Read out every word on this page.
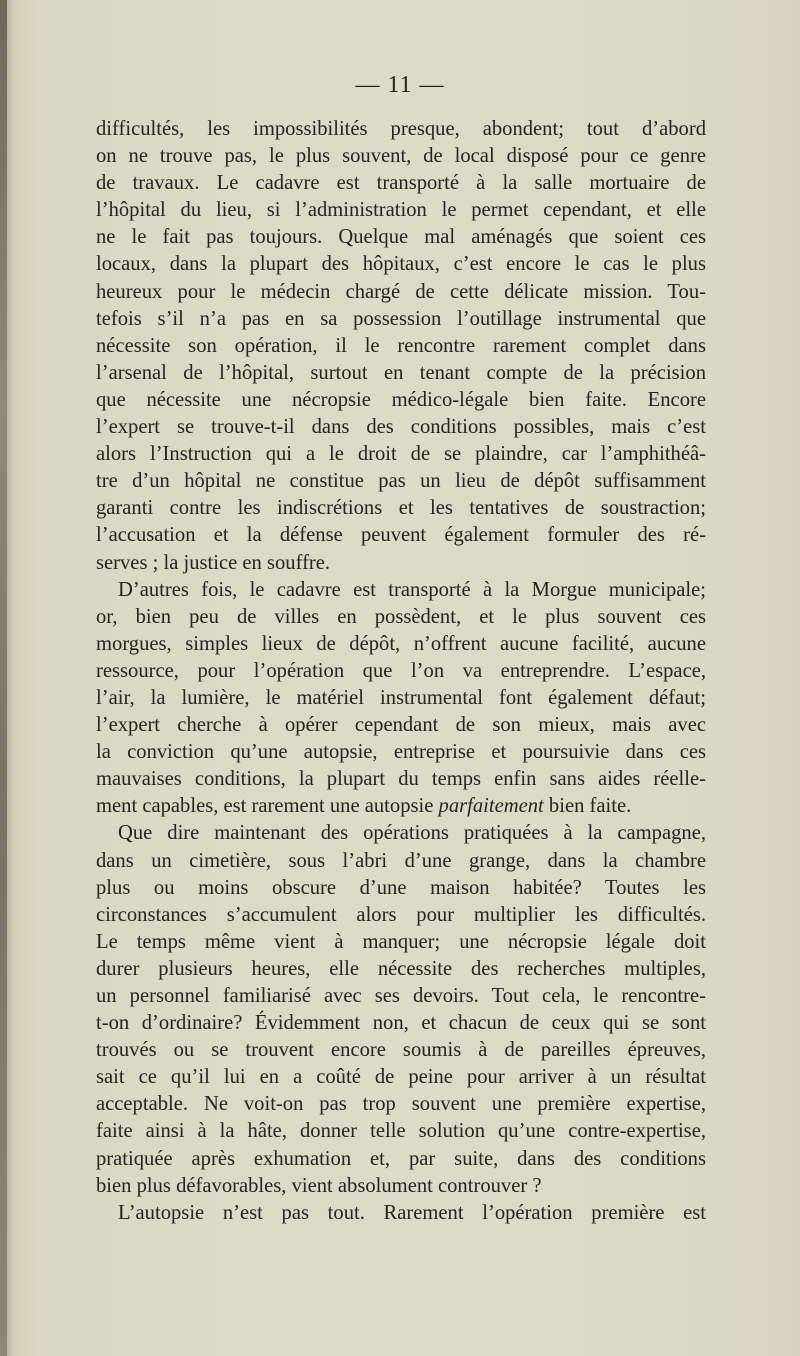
— 11 —
difficultés, les impossibilités presque, abondent; tout d’abord
on ne trouve pas, le plus souvent, de local disposé pour ce genre
de travaux. Le cadavre est transporté à la salle mortuaire de
l’hôpital du lieu, si l’administration le permet cependant, et elle
ne le fait pas toujours. Quelque mal aménagés que soient ces
locaux, dans la plupart des hôpitaux, c’est encore le cas le plus
heureux pour le médecin chargé de cette délicate mission. Tou-
tefois s’il n’a pas en sa possession l’outillage instrumental que
nécessite son opération, il le rencontre rarement complet dans
l’arsenal de l’hôpital, surtout en tenant compte de la précision
que nécessite une nécropsie médico-légale bien faite. Encore
l’expert se trouve-t-il dans des conditions possibles, mais c’est
alors l’Instruction qui a le droit de se plaindre, car l’amphithéâ-
tre d’un hôpital ne constitue pas un lieu de dépôt suffisamment
garanti contre les indiscrétions et les tentatives de soustraction;
l’accusation et la défense peuvent également formuler des ré-
serves ; la justice en souffre.
D’autres fois, le cadavre est transporté à la Morgue municipale;
or, bien peu de villes en possèdent, et le plus souvent ces
morgues, simples lieux de dépôt, n’offrent aucune facilité, aucune
ressource, pour l’opération que l’on va entreprendre. L’espace,
l’air, la lumière, le matériel instrumental font également défaut;
l’expert cherche à opérer cependant de son mieux, mais avec
la conviction qu’une autopsie, entreprise et poursuivie dans ces
mauvaises conditions, la plupart du temps enfin sans aides réelle-
ment capables, est rarement une autopsie parfaitement bien faite.
Que dire maintenant des opérations pratiquées à la campagne,
dans un cimetière, sous l’abri d’une grange, dans la chambre
plus ou moins obscure d’une maison habitée? Toutes les
circonstances s’accumulent alors pour multiplier les difficultés.
Le temps même vient à manquer; une nécropsie légale doit
durer plusieurs heures, elle nécessite des recherches multiples,
un personnel familiarisé avec ses devoirs. Tout cela, le rencontre-
t-on d’ordinaire? Évidemment non, et chacun de ceux qui se sont
trouvés ou se trouvent encore soumis à de pareilles épreuves,
sait ce qu’il lui en a coûté de peine pour arriver à un résultat
acceptable. Ne voit-on pas trop souvent une première expertise,
faite ainsi à la hâte, donner telle solution qu’une contre-expertise,
pratiquée après exhumation et, par suite, dans des conditions
bien plus défavorables, vient absolument controuver ?
L’autopsie n’est pas tout. Rarement l’opération première est
